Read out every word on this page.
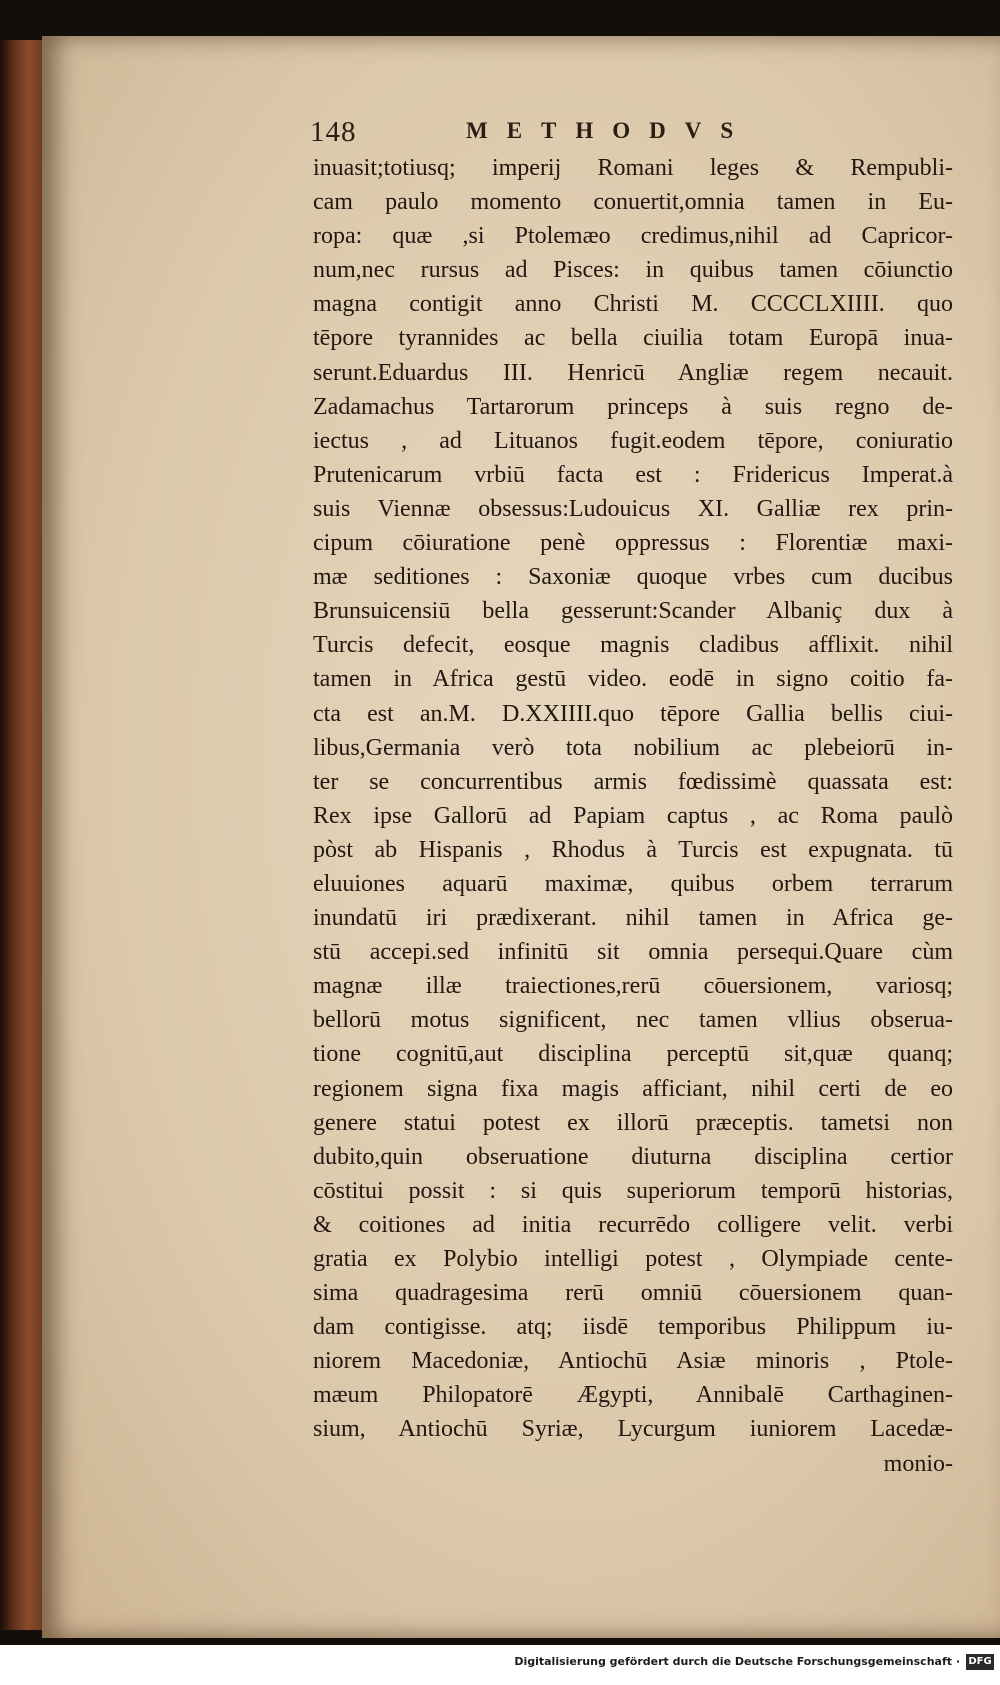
148	METHODVS
inuasit;totiusq; imperij Romani leges & Rempubli-
cam paulo momento conuertit,omnia tamen in Eu-
ropa: quæ ,si Ptolemæo credimus,nihil ad Capricor-
num,nec rursus ad Pisces: in quibus tamen cōiunctio
magna contigit anno Christi M. CCCCLXIIII. quo
tēpore tyrannides ac bella ciuilia totam Europā inua-
serunt.Eduardus III. Henricū Angliæ regem necauit.
Zadamachus Tartarorum princeps à suis regno de-
iectus , ad Lituanos fugit.eodem tēpore, coniuratio
Prutenicarum vrbiū facta est : Fridericus Imperat.à
suis Viennæ obsessus:Ludouicus XI. Galliæ rex prin-
cipum cōiuratione penè oppressus : Florentiæ maxi-
mæ seditiones : Saxoniæ quoque vrbes cum ducibus
Brunsuicensiū bella gesserunt:Scander Albaniç dux à
Turcis defecit, eosque magnis cladibus afflixit. nihil
tamen in Africa gestū video. eodē in signo coitio fa-
cta est an.M. D.XXIIII.quo tēpore Gallia bellis ciui-
libus,Germania verò tota nobilium ac plebeiorū in-
ter se concurrentibus armis fœdissimè quassata est:
Rex ipse Gallorū ad Papiam captus , ac Roma paulò
pòst ab Hispanis , Rhodus à Turcis est expugnata. tū
eluuiones aquarū maximæ, quibus orbem terrarum
inundatū iri prædixerant. nihil tamen in Africa ge-
stū accepi.sed infinitū sit omnia persequi.Quare cùm
magnæ illæ traiectiones,rerū cōuersionem, variosq;
bellorū motus significent, nec tamen vllius obserua-
tione cognitū,aut disciplina perceptū sit,quæ quanq;
regionem signa fixa magis afficiant, nihil certi de eo
genere statui potest ex illorū præceptis. tametsi non
dubito,quin obseruatione diuturna disciplina certior
cōstitui possit : si quis superiorum temporū historias,
& coitiones ad initia recurrēdo colligere velit. verbi
gratia ex Polybio intelligi potest , Olympiade cente-
sima quadragesima rerū omniū cōuersionem quan-
dam contigisse. atq; iisdē temporibus Philippum iu-
niorem Macedoniæ, Antiochū Asiæ minoris , Ptole-
mæum Philopatorē Ægypti, Annibalē Carthaginen-
sium, Antiochū Syriæ, Lycurgum iuniorem Lacedæ-
monio-
Digitalisierung gefördert durch die Deutsche Forschungsgemeinschaft · DFG
